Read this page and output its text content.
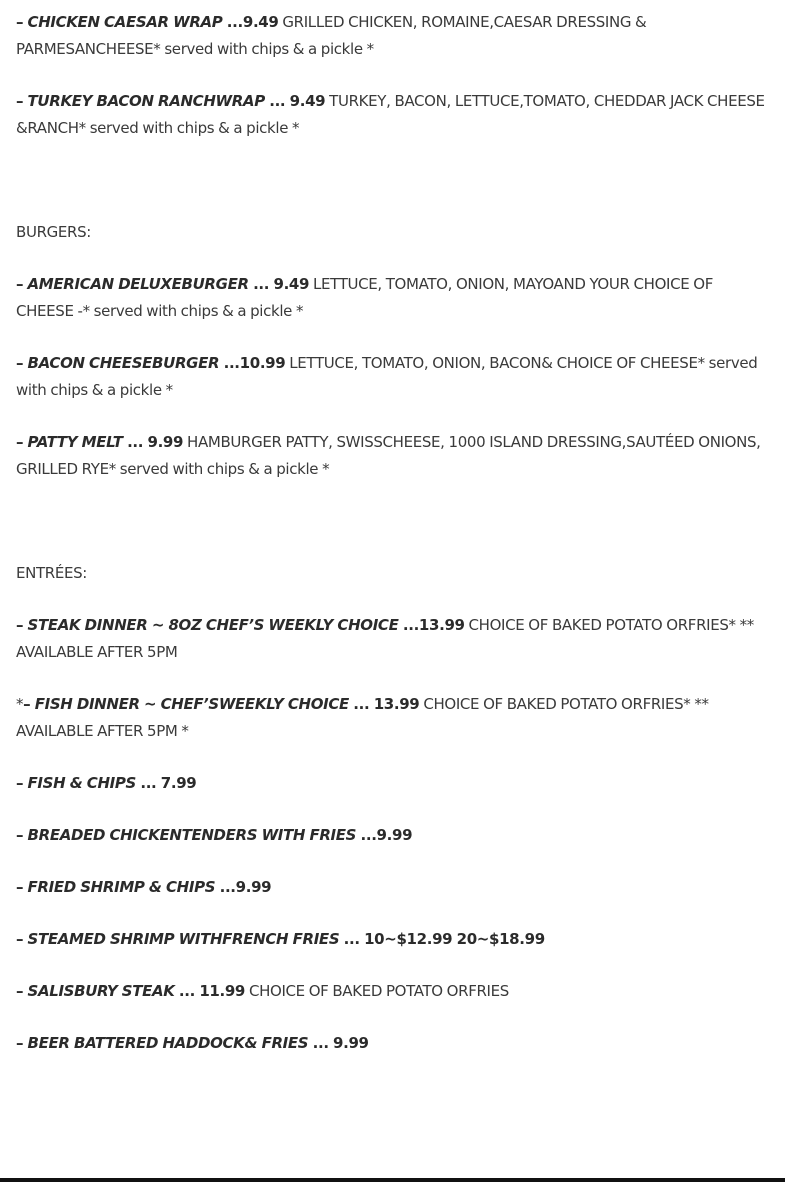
– CHICKEN CAESAR WRAP ...9.49 GRILLED CHICKEN, ROMAINE,CAESAR DRESSING & PARMESANCHEESE* served with chips & a pickle *

– TURKEY BACON RANCHWRAP ... 9.49 TURKEY, BACON, LETTUCE,TOMATO, CHEDDAR JACK CHEESE &RANCH* served with chips & a pickle *

BURGERS:

– AMERICAN DELUXEBURGER ... 9.49 LETTUCE, TOMATO, ONION, MAYOAND YOUR CHOICE OF CHEESE -* served with chips & a pickle *

– BACON CHEESEBURGER ...10.99 LETTUCE, TOMATO, ONION, BACON& CHOICE OF CHEESE* served with chips & a pickle *

– PATTY MELT ... 9.99 HAMBURGER PATTY, SWISSCHEESE, 1000 ISLAND DRESSING,SAUTÉED ONIONS, GRILLED RYE* served with chips & a pickle *

ENTRÉES:

– STEAK DINNER ~ 8OZ CHEF’S WEEKLY CHOICE ...13.99 CHOICE OF BAKED POTATO ORFRIES* ** AVAILABLE AFTER 5PM

*– FISH DINNER ~ CHEF’SWEEKLY CHOICE ... 13.99 CHOICE OF BAKED POTATO ORFRIES* ** AVAILABLE AFTER 5PM *

– FISH & CHIPS ... 7.99

– BREADED CHICKENTENDERS WITH FRIES ...9.99

– FRIED SHRIMP & CHIPS ...9.99

– STEAMED SHRIMP WITHFRENCH FRIES ... 10~$12.99 20~$18.99

– SALISBURY STEAK ... 11.99 CHOICE OF BAKED POTATO ORFRIES

– BEER BATTERED HADDOCK& FRIES ... 9.99
